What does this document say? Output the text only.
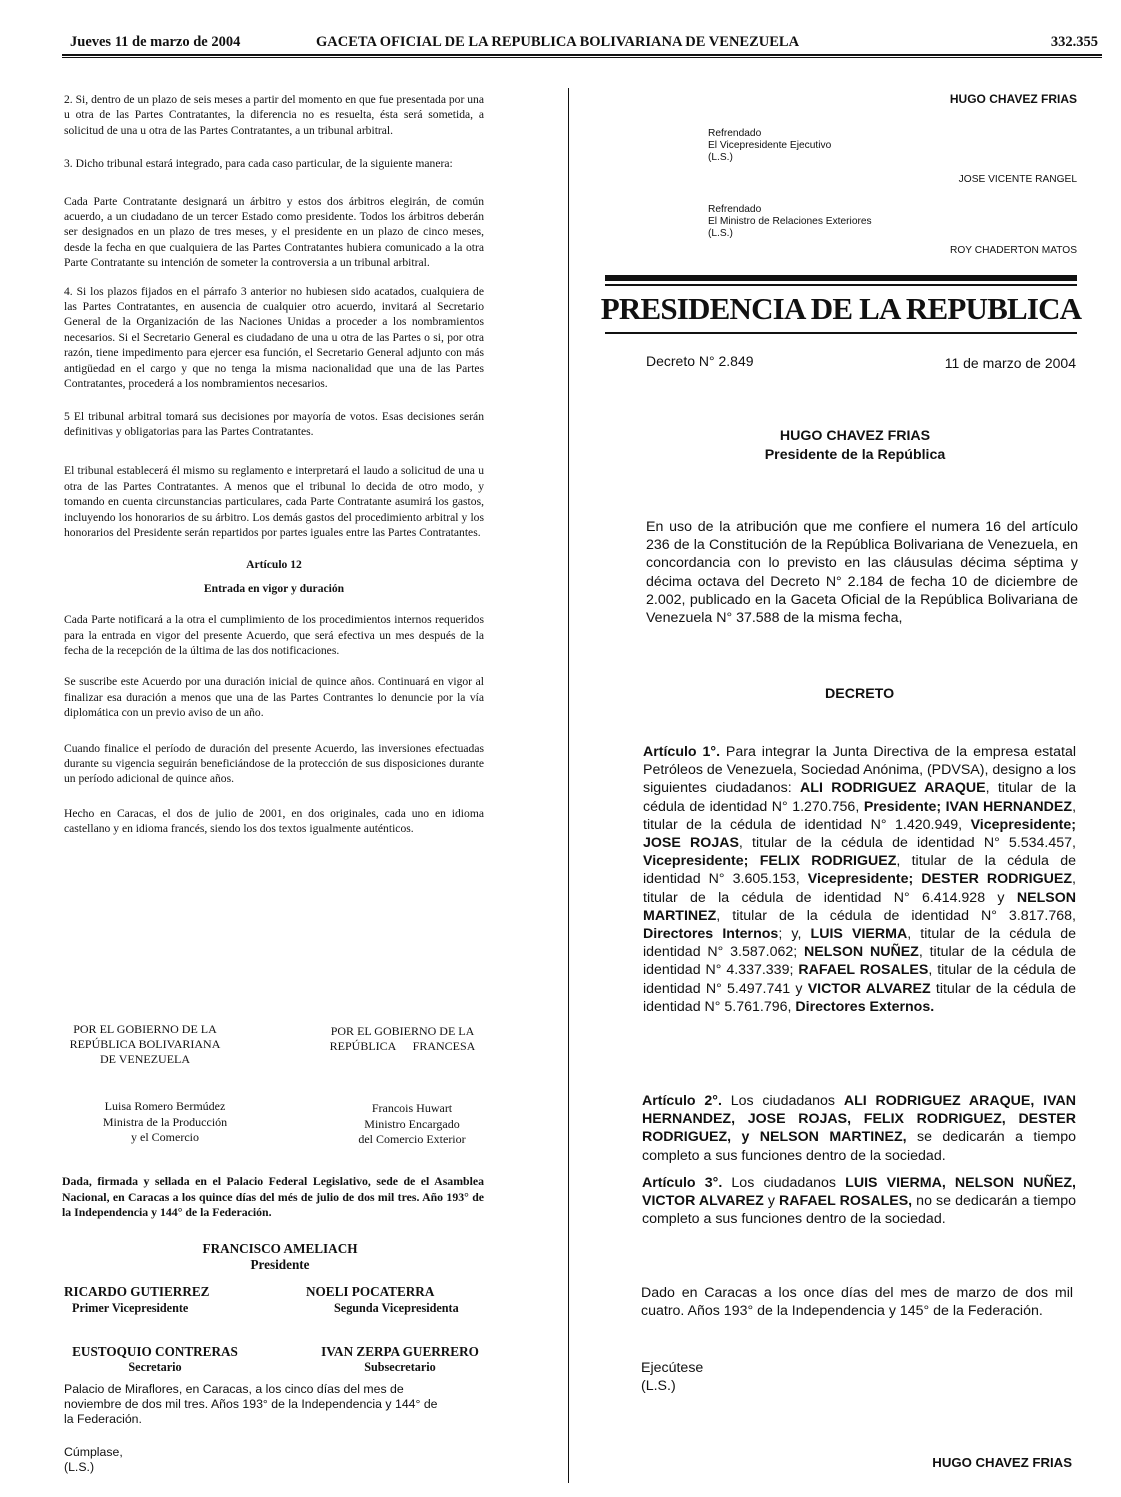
Jueves 11 de marzo de 2004	GACETA OFICIAL DE LA REPUBLICA BOLIVARIANA DE VENEZUELA	332.355

2. Si, dentro de un plazo de seis meses a partir del momento en que fue presentada por una u otra de las Partes Contratantes, la diferencia no es resuelta, ésta será sometida, a solicitud de una u otra de las Partes Contratantes, a un tribunal arbitral.

3. Dicho tribunal estará integrado, para cada caso particular, de la siguiente manera:

Cada Parte Contratante designará un árbitro y estos dos árbitros elegirán, de común acuerdo, a un ciudadano de un tercer Estado como presidente. Todos los árbitros deberán ser designados en un plazo de tres meses, y el presidente en un plazo de cinco meses, desde la fecha en que cualquiera de las Partes Contratantes hubiera comunicado a la otra Parte Contratante su intención de someter la controversia a un tribunal arbitral.

4. Si los plazos fijados en el párrafo 3 anterior no hubiesen sido acatados, cualquiera de las Partes Contratantes, en ausencia de cualquier otro acuerdo, invitará al Secretario General de la Organización de las Naciones Unidas a proceder a los nombramientos necesarios. Si el Secretario General es ciudadano de una u otra de las Partes o si, por otra razón, tiene impedimento para ejercer esa función, el Secretario General adjunto con más antigüedad en el cargo y que no tenga la misma nacionalidad que una de las Partes Contratantes, procederá a los nombramientos necesarios.

5 El tribunal arbitral tomará sus decisiones por mayoría de votos. Esas decisiones serán definitivas y obligatorias para las Partes Contratantes.

El tribunal establecerá él mismo su reglamento e interpretará el laudo a solicitud de una u otra de las Partes Contratantes. A menos que el tribunal lo decida de otro modo, y tomando en cuenta circunstancias particulares, cada Parte Contratante asumirá los gastos, incluyendo los honorarios de su árbitro. Los demás gastos del procedimiento arbitral y los honorarios del Presidente serán repartidos por partes iguales entre las Partes Contratantes.

Artículo 12

Entrada en vigor y duración

Cada Parte notificará a la otra el cumplimiento de los procedimientos internos requeridos para la entrada en vigor del presente Acuerdo, que será efectiva un mes después de la fecha de la recepción de la última de las dos notificaciones.

Se suscribe este Acuerdo por una duración inicial de quince años. Continuará en vigor al finalizar esa duración a menos que una de las Partes Contrantes lo denuncie por la vía diplomática con un previo aviso de un año.

Cuando finalice el período de duración del presente Acuerdo, las inversiones efectuadas durante su vigencia seguirán beneficiándose de la protección de sus disposiciones durante un período adicional de quince años.

Hecho en Caracas, el dos de julio de 2001, en dos originales, cada uno en idioma castellano y en idioma francés, siendo los dos textos igualmente auténticos.

POR EL GOBIERNO DE LA
REPÚBLICA BOLIVARIANA
DE VENEZUELA
POR EL GOBIERNO DE LA
REPÚBLICA FRANCESA
Luisa Romero Bermúdez
Ministra de la Producción
y el Comercio
Francois Huwart
Ministro Encargado
del Comercio Exterior
Dada, firmada y sellada en el Palacio Federal Legislativo, sede de el Asamblea Nacional, en Caracas a los quince días del més de julio de dos mil tres. Año 193° de la Independencia y 144° de la Federación.
FRANCISCO AMELIACH
Presidente
RICARDO GUTIERREZ
Primer Vicepresidente
NOELI POCATERRA
Segunda Vicepresidenta
EUSTOQUIO CONTRERAS
Secretario
IVAN ZERPA GUERRERO
Subsecretario
Palacio de Miraflores, en Caracas, a los cinco días del mes de noviembre de dos mil tres. Años 193° de la Independencia y 144° de la Federación.
Cúmplase,
(L.S.)
HUGO CHAVEZ FRIAS
Refrendado
El Vicepresidente Ejecutivo
(L.S.)
JOSE VICENTE RANGEL
Refrendado
El Ministro de Relaciones Exteriores
(L.S.)
ROY CHADERTON MATOS
PRESIDENCIA DE LA REPUBLICA
Decreto N° 2.849	11 de marzo de 2004
HUGO CHAVEZ FRIAS
Presidente de la República
En uso de la atribución que me confiere el numera 16 del artículo 236 de la Constitución de la República Bolivariana de Venezuela, en concordancia con lo previsto en las cláusulas décima séptima y décima octava del Decreto N° 2.184 de fecha 10 de diciembre de 2.002, publicado en la Gaceta Oficial de la República Bolivariana de Venezuela N° 37.588 de la misma fecha,
DECRETO
Artículo 1°. Para integrar la Junta Directiva de la empresa estatal Petróleos de Venezuela, Sociedad Anónima, (PDVSA), designo a los siguientes ciudadanos: ALI RODRIGUEZ ARAQUE, titular de la cédula de identidad N° 1.270.756, Presidente; IVAN HERNANDEZ, titular de la cédula de identidad N° 1.420.949, Vicepresidente; JOSE ROJAS, titular de la cédula de identidad N° 5.534.457, Vicepresidente; FELIX RODRIGUEZ, titular de la cédula de identidad N° 3.605.153, Vicepresidente; DESTER RODRIGUEZ, titular de la cédula de identidad N° 6.414.928 y NELSON MARTINEZ, titular de la cédula de identidad N° 3.817.768, Directores Internos; y, LUIS VIERMA, titular de la cédula de identidad N° 3.587.062; NELSON NUÑEZ, titular de la cédula de identidad N° 4.337.339; RAFAEL ROSALES, titular de la cédula de identidad N° 5.497.741 y VICTOR ALVAREZ titular de la cédula de identidad N° 5.761.796, Directores Externos.
Artículo 2°. Los ciudadanos ALI RODRIGUEZ ARAQUE, IVAN HERNANDEZ, JOSE ROJAS, FELIX RODRIGUEZ, DESTER RODRIGUEZ, y NELSON MARTINEZ, se dedicarán a tiempo completo a sus funciones dentro de la sociedad.
Artículo 3°. Los ciudadanos LUIS VIERMA, NELSON NUÑEZ, VICTOR ALVAREZ y RAFAEL ROSALES, no se dedicarán a tiempo completo a sus funciones dentro de la sociedad.
Dado en Caracas a los once días del mes de marzo de dos mil cuatro. Años 193° de la Independencia y 145° de la Federación.
Ejecútese
(L.S.)
HUGO CHAVEZ FRIAS
